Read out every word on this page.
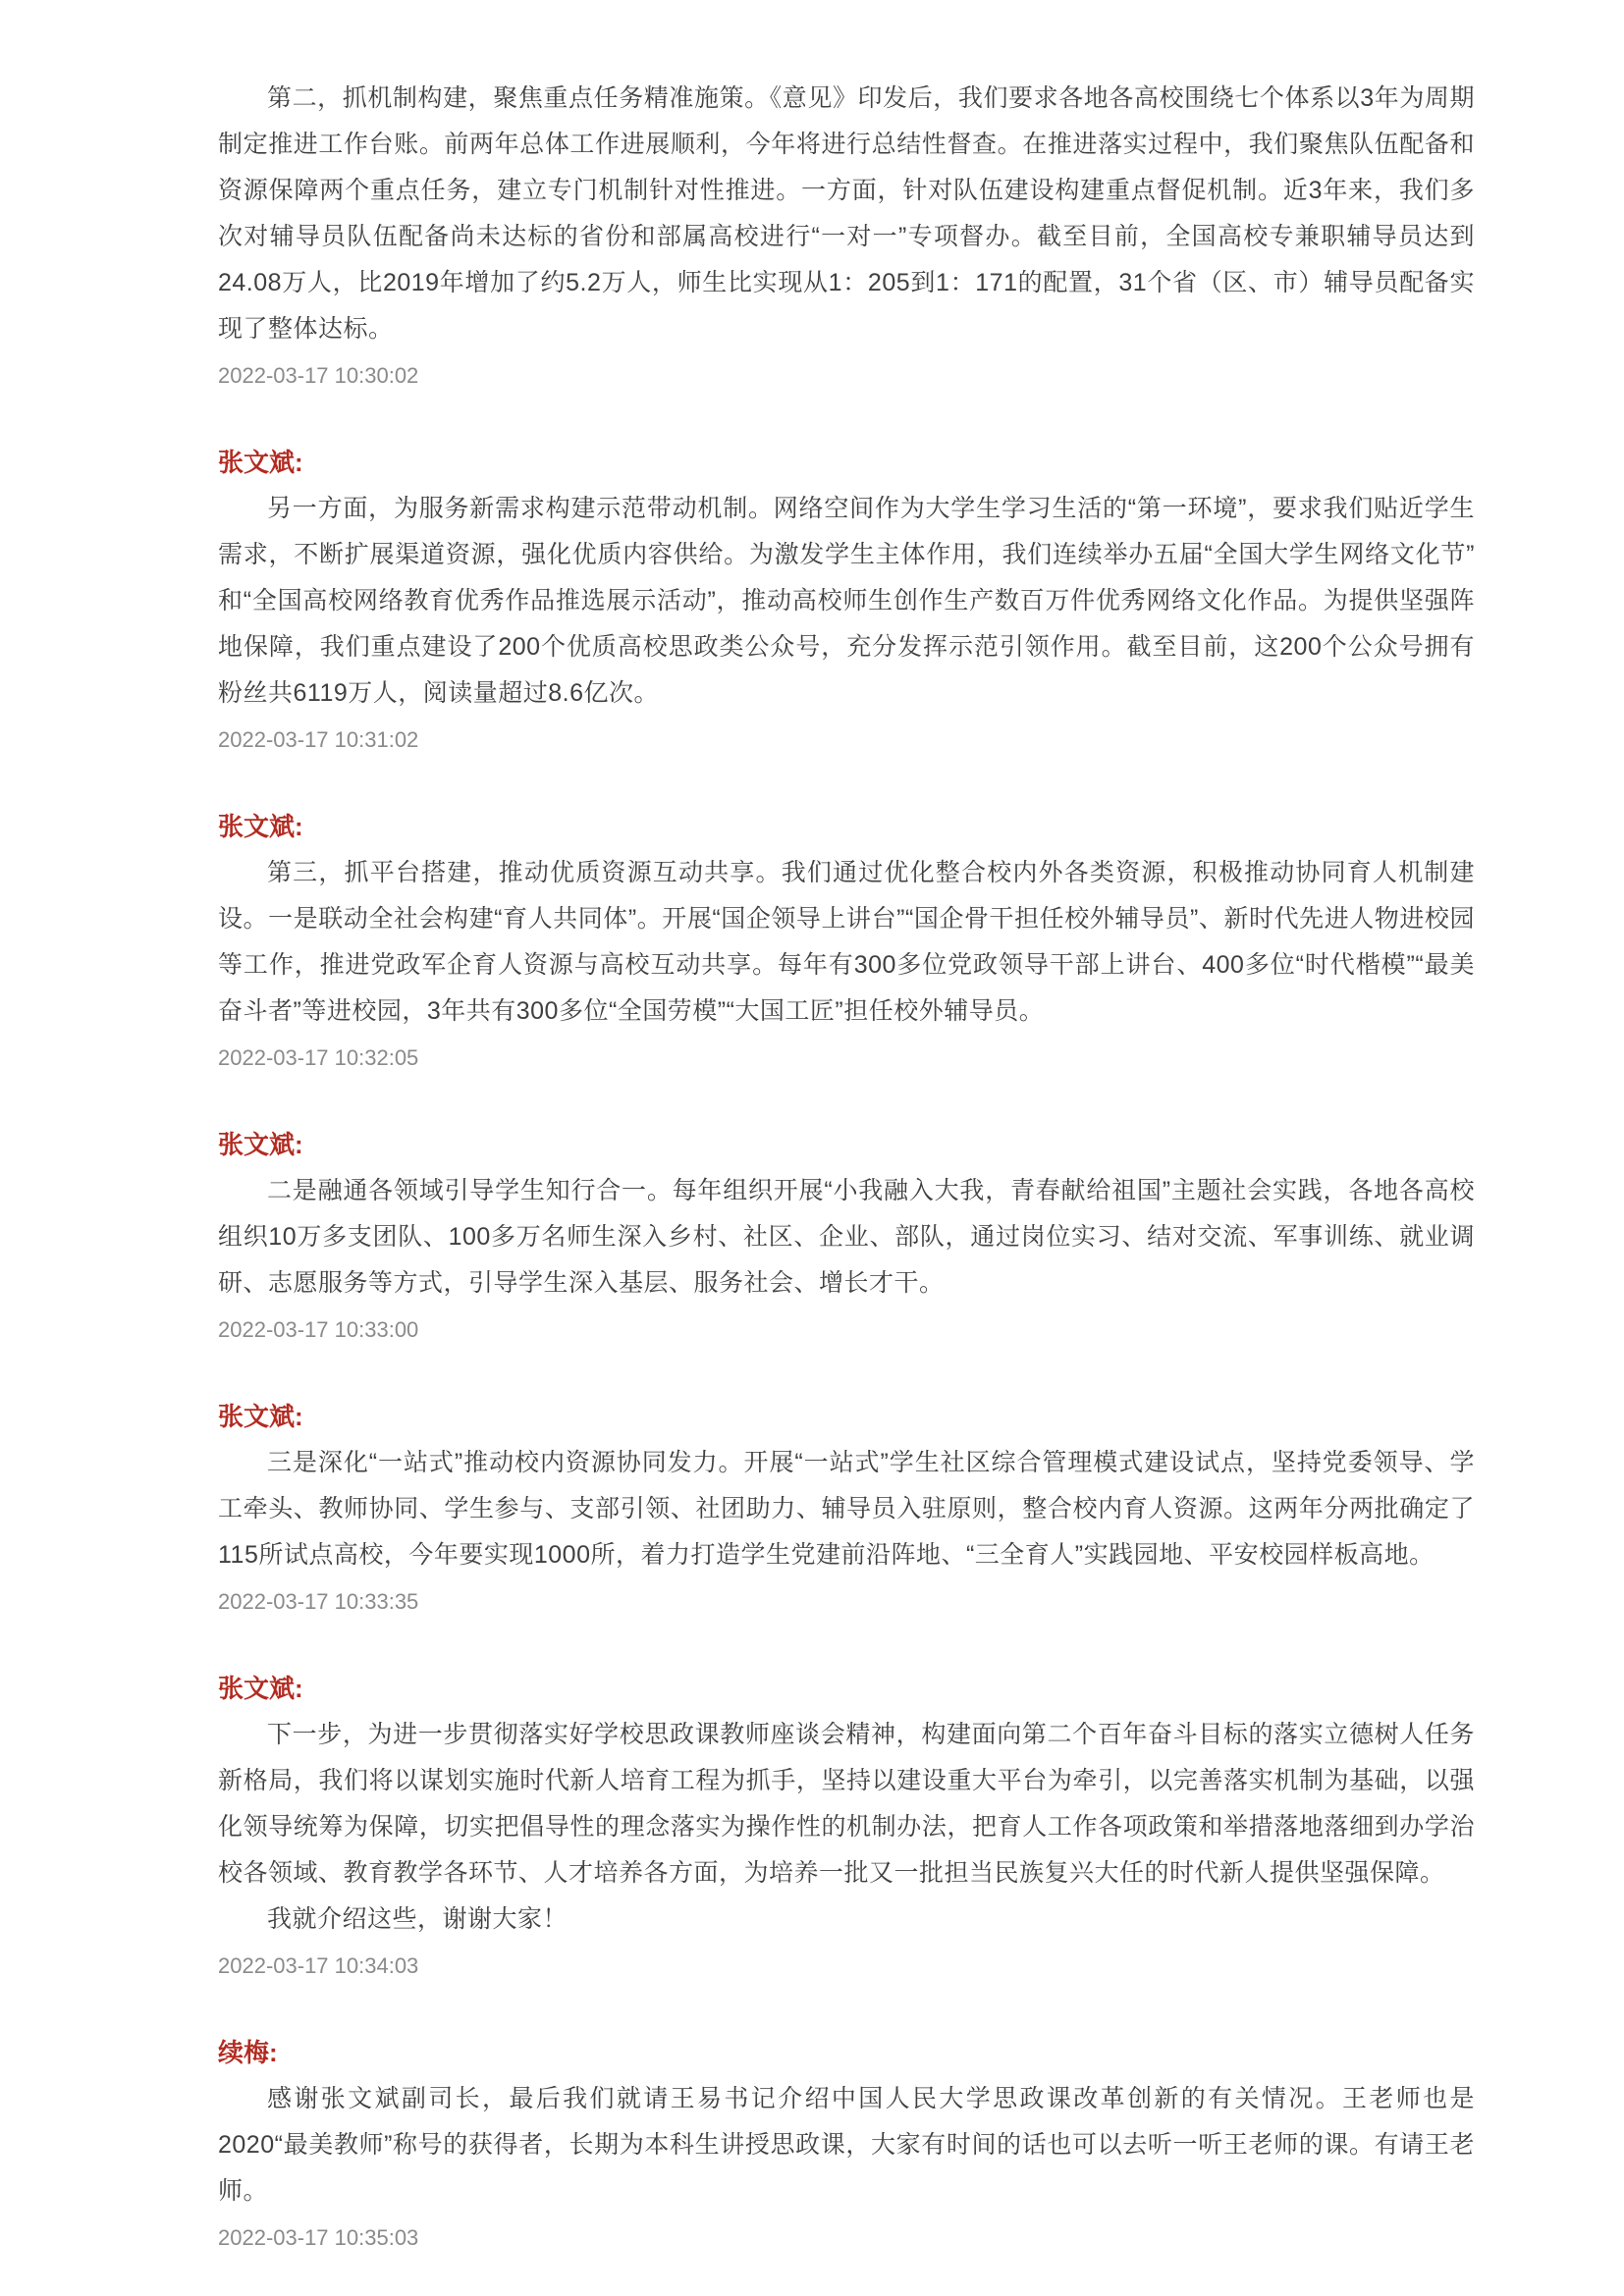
第二，抓机制构建，聚焦重点任务精准施策。《意见》印发后，我们要求各地各高校围绕七个体系以3年为周期制定推进工作台账。前两年总体工作进展顺利，今年将进行总结性督查。在推进落实过程中，我们聚焦队伍配备和资源保障两个重点任务，建立专门机制针对性推进。一方面，针对队伍建设构建重点督促机制。近3年来，我们多次对辅导员队伍配备尚未达标的省份和部属高校进行“一对一”专项督办。截至目前，全国高校专兼职辅导员达到24.08万人，比2019年增加了约5.2万人，师生比实现从1：205到1：171的配置，31个省（区、市）辅导员配备实现了整体达标。

2022-03-17 10:30:02

张文斌:

另一方面，为服务新需求构建示范带动机制。网络空间作为大学生学习生活的“第一环境”，要求我们贴近学生需求，不断扩展渠道资源，强化优质内容供给。为激发学生主体作用，我们连续举办五届“全国大学生网络文化节”和“全国高校网络教育优秀作品推选展示活动”，推动高校师生创作生产数百万件优秀网络文化作品。为提供坚强阵地保障，我们重点建设了200个优质高校思政类公众号，充分发挥示范引领作用。截至目前，这200个公众号拥有粉丝共6119万人，阅读量超过8.6亿次。

2022-03-17 10:31:02

张文斌:

第三，抓平台搭建，推动优质资源互动共享。我们通过优化整合校内外各类资源，积极推动协同育人机制建设。一是联动全社会构建“育人共同体”。开展“国企领导上讲台”“国企骨干担任校外辅导员”、新时代先进人物进校园等工作，推进党政军企育人资源与高校互动共享。每年有300多位党政领导干部上讲台、400多位“时代楷模”“最美奋斗者”等进校园，3年共有300多位“全国劳模”“大国工匠”担任校外辅导员。

2022-03-17 10:32:05

张文斌:

二是融通各领域引导学生知行合一。每年组织开展“小我融入大我，青春献给祖国”主题社会实践，各地各高校组织10万多支团队、100多万名师生深入乡村、社区、企业、部队，通过岗位实习、结对交流、军事训练、就业调研、志愿服务等方式，引导学生深入基层、服务社会、增长才干。

2022-03-17 10:33:00

张文斌:

三是深化“一站式”推动校内资源协同发力。开展“一站式”学生社区综合管理模式建设试点，坚持党委领导、学工牵头、教师协同、学生参与、支部引领、社团助力、辅导员入驻原则，整合校内育人资源。这两年分两批确定了115所试点高校，今年要实现1000所，着力打造学生党建前沿阵地、“三全育人”实践园地、平安校园样板高地。

2022-03-17 10:33:35

张文斌:

下一步，为进一步贯彻落实好学校思政课教师座谈会精神，构建面向第二个百年奋斗目标的落实立德树人任务新格局，我们将以谋划实施时代新人培育工程为抓手，坚持以建设重大平台为牵引，以完善落实机制为基础，以强化领导统筹为保障，切实把倡导性的理念落实为操作性的机制办法，把育人工作各项政策和举措落地落细到办学治校各领域、教育教学各环节、人才培养各方面，为培养一批又一批担当民族复兴大任的时代新人提供坚强保障。

我就介绍这些，谢谢大家！

2022-03-17 10:34:03

续梅:

感谢张文斌副司长，最后我们就请王易书记介绍中国人民大学思政课改革创新的有关情况。王老师也是2020“最美教师”称号的获得者，长期为本科生讲授思政课，大家有时间的话也可以去听一听王老师的课。有请王老师。

2022-03-17 10:35:03
